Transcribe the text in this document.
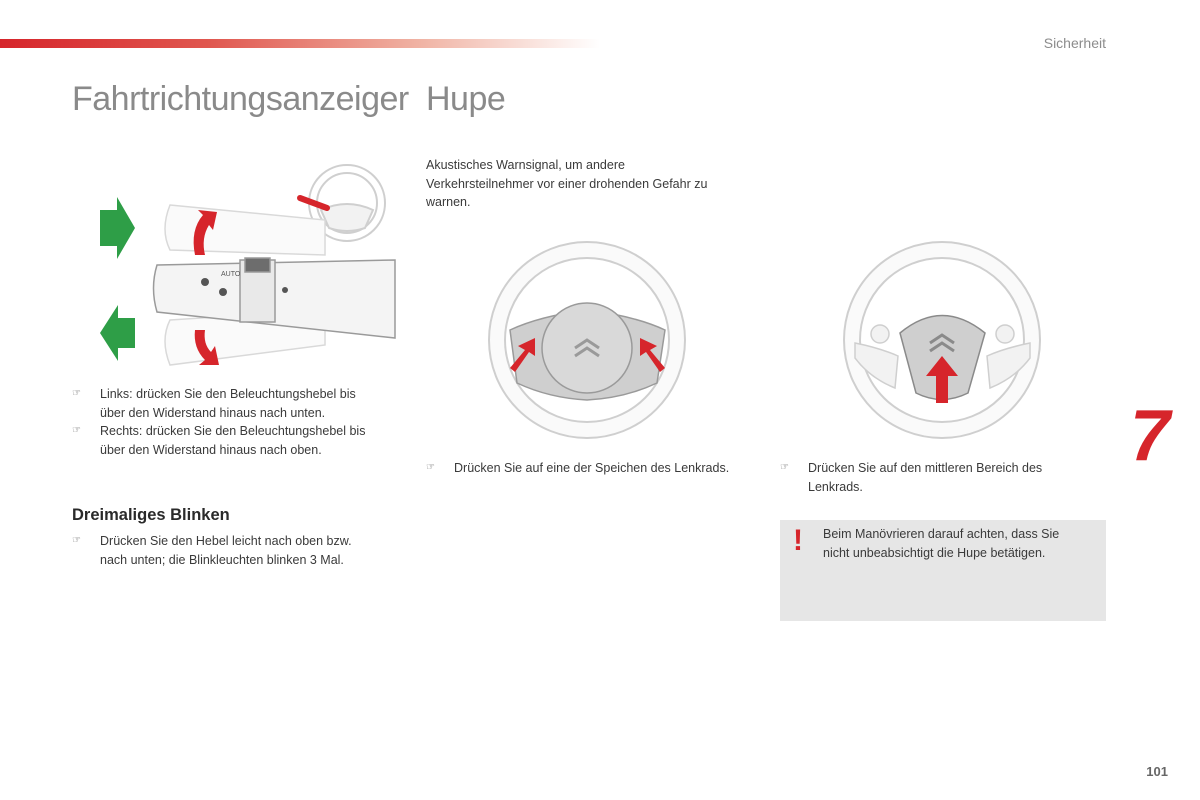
Sicherheit
Fahrtrichtungsanzeiger
AUTO
☞ Links: drücken Sie den Beleuchtungshebel bis
über den Widerstand hinaus nach unten.
☞ Rechts: drücken Sie den Beleuchtungshebel bis
über den Widerstand hinaus nach oben.
Dreimaliges Blinken
☞ Drücken Sie den Hebel leicht nach oben bzw.
nach unten; die Blinkleuchten blinken 3 Mal.
Hupe
Akustisches Warnsignal, um andere
Verkehrsteilnehmer vor einer drohenden Gefahr zu
warnen.
☞ Drücken Sie auf eine der Speichen des Lenkrads.	☞ Drücken Sie auf den mittleren Bereich des
Lenkrads.
! Beim Manövrieren darauf achten, dass Sie
nicht unbeabsichtigt die Hupe betätigen.
7
101
